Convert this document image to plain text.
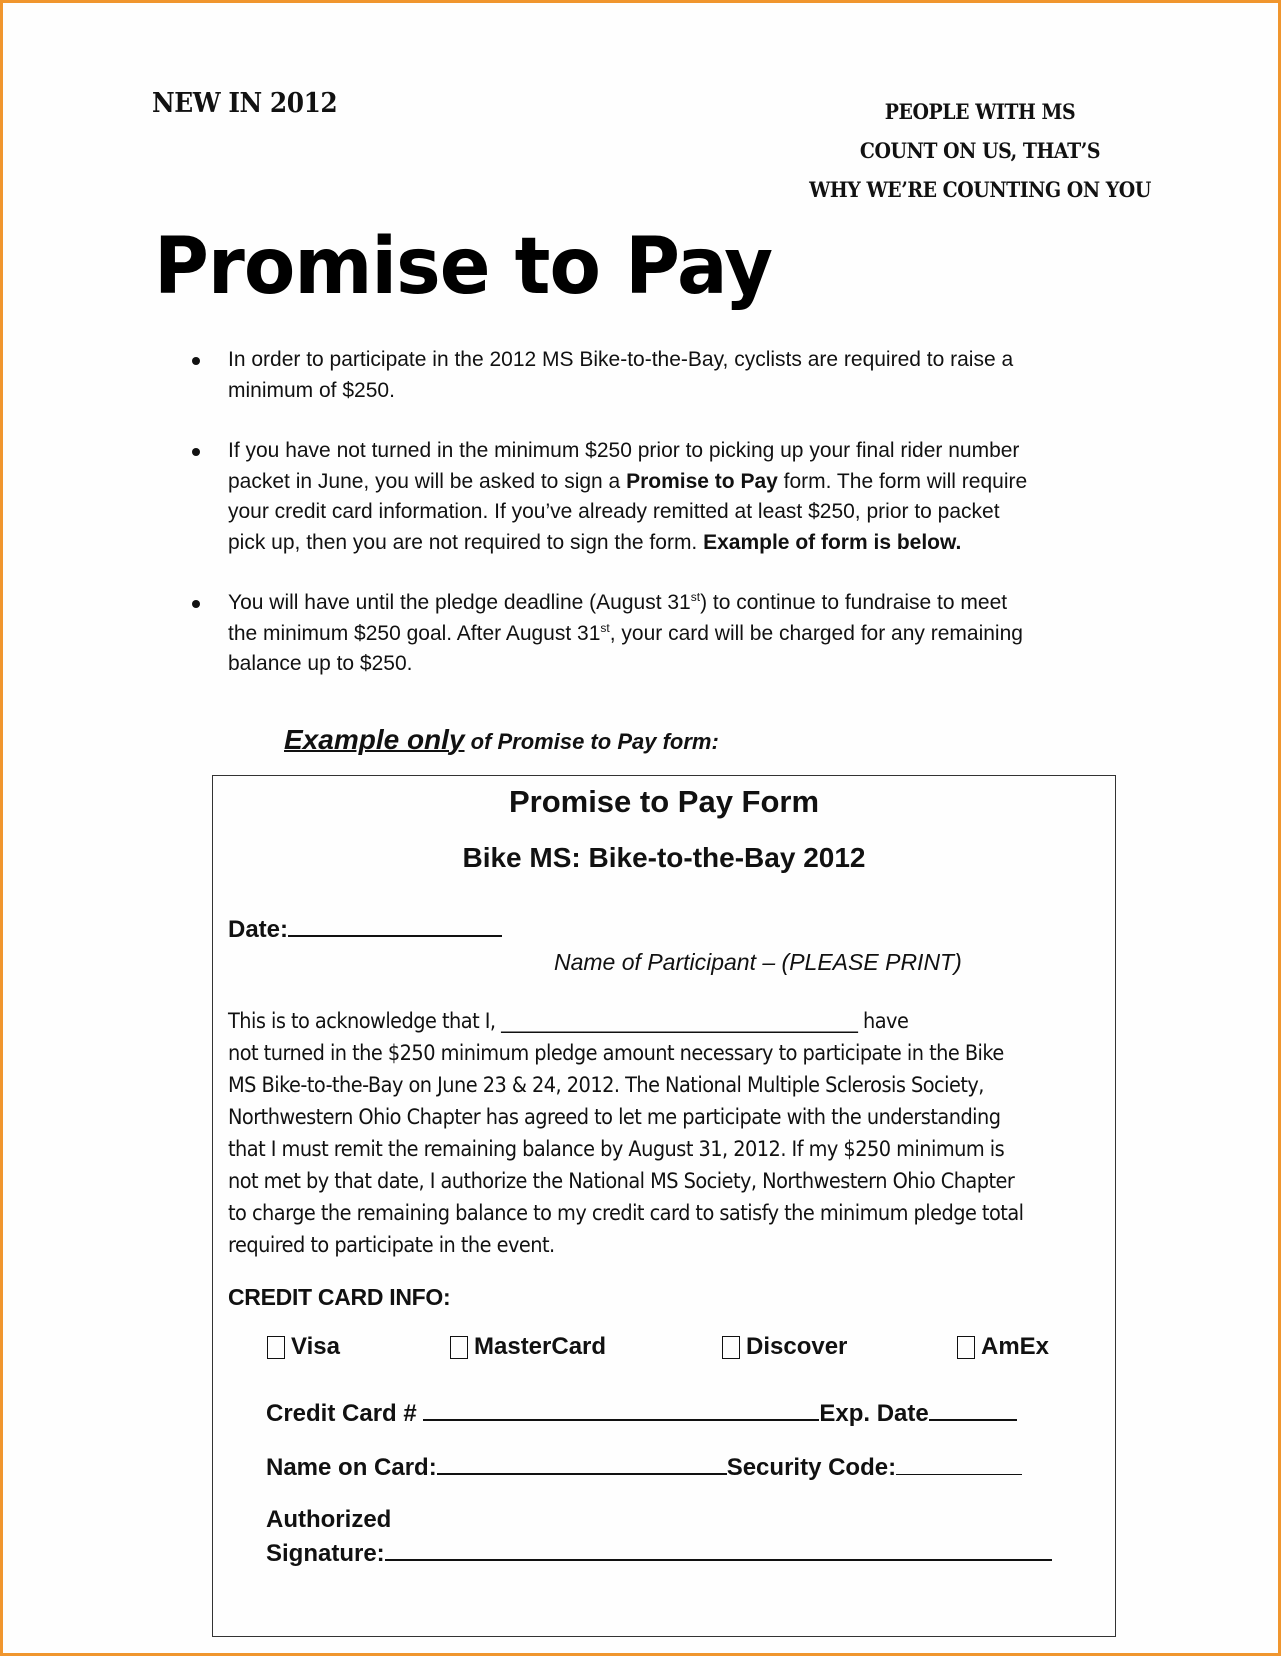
NEW IN 2012	PEOPLE WITH MS
COUNT ON US, THAT’S
WHY WE’RE COUNTING ON YOU
Promise to Pay
In order to participate in the 2012 MS Bike-to-the-Bay, cyclists are required to raise a
minimum of $250.
If you have not turned in the minimum $250 prior to picking up your final rider number
packet in June, you will be asked to sign a Promise to Pay form. The form will require
your credit card information. If you’ve already remitted at least $250, prior to packet
pick up, then you are not required to sign the form. Example of form is below.
You will have until the pledge deadline (August 31st) to continue to fundraise to meet
the minimum $250 goal. After August 31st, your card will be charged for any remaining
balance up to $250.
Example only of Promise to Pay form:
Promise to Pay Form
Bike MS: Bike-to-the-Bay 2012
Date:
Name of Participant – (PLEASE PRINT)

This is to acknowledge that I, _______________________________________ have

not turned in the $250 minimum pledge amount necessary to participate in the Bike

MS Bike-to-the-Bay on June 23 & 24, 2012. The National Multiple Sclerosis Society,

Northwestern Ohio Chapter has agreed to let me participate with the understanding

that I must remit the remaining balance by August 31, 2012. If my $250 minimum is

not met by that date, I authorize the National MS Society, Northwestern Ohio Chapter

to charge the remaining balance to my credit card to satisfy the minimum pledge total

required to participate in the event.

CREDIT CARD INFO:
Visa	MasterCard	Discover	AmEx
Credit Card #	Exp. Date
Name on Card:	Security Code:
Authorized
Signature:
